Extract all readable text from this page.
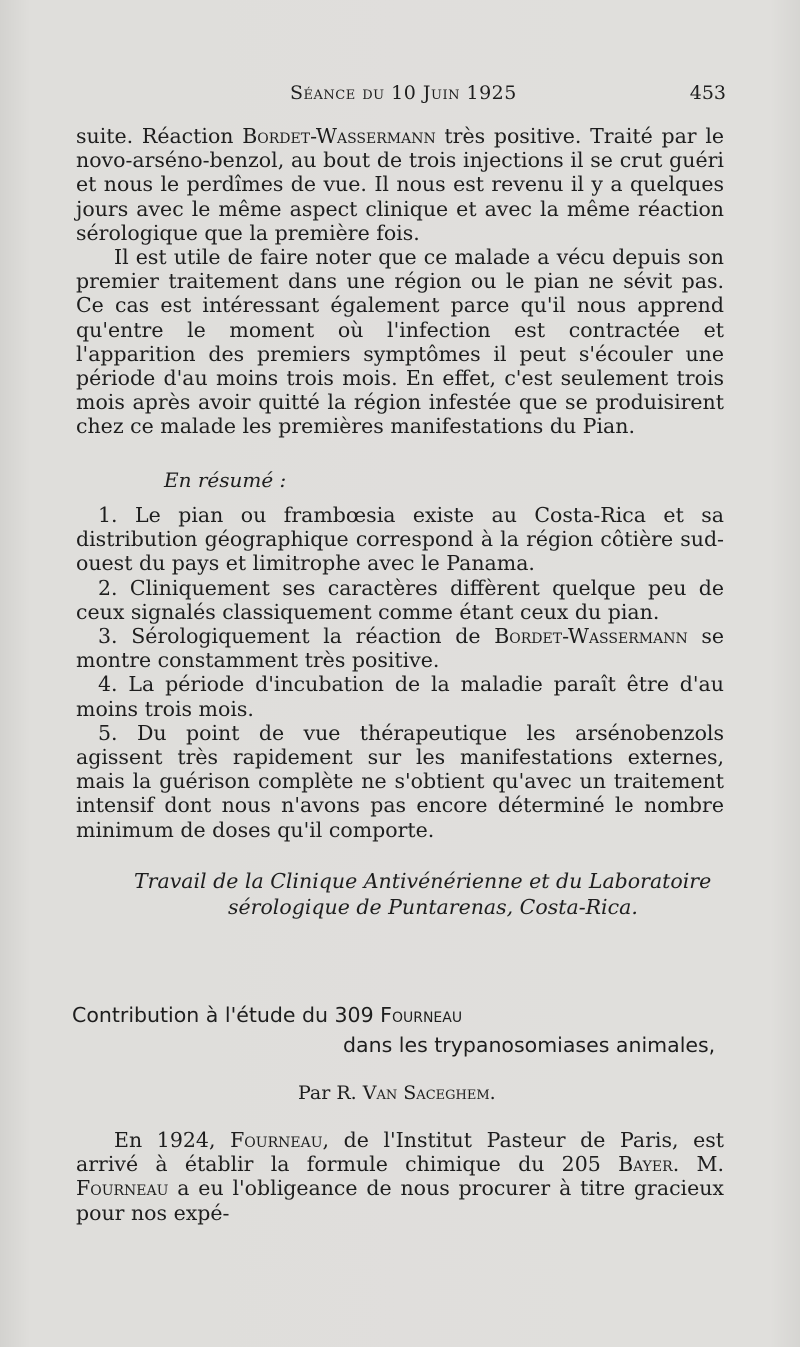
Séance du 10 Juin 1925	453

suite. Réaction Bordet-Wassermann très positive. Traité par le novo-arséno-benzol, au bout de trois injections il se crut guéri et nous le perdîmes de vue. Il nous est revenu il y a quelques jours avec le même aspect clinique et avec la même réaction sérologique que la première fois.

Il est utile de faire noter que ce malade a vécu depuis son premier traitement dans une région ou le pian ne sévit pas. Ce cas est intéressant également parce qu'il nous apprend qu'entre le moment où l'infection est contractée et l'apparition des premiers symptômes il peut s'écouler une période d'au moins trois mois. En effet, c'est seulement trois mois après avoir quitté la région infestée que se produisirent chez ce malade les premières manifestations du Pian.

En résumé :

1. Le pian ou frambœsia existe au Costa-Rica et sa distribution géographique correspond à la région côtière sud-ouest du pays et limitrophe avec le Panama.

2. Cliniquement ses caractères diffèrent quelque peu de ceux signalés classiquement comme étant ceux du pian.

3. Sérologiquement la réaction de Bordet-Wassermann se montre constamment très positive.

4. La période d'incubation de la maladie paraît être d'au moins trois mois.

5. Du point de vue thérapeutique les arsénobenzols agissent très rapidement sur les manifestations externes, mais la guérison complète ne s'obtient qu'avec un traitement intensif dont nous n'avons pas encore déterminé le nombre minimum de doses qu'il comporte.

Travail de la Clinique Antivénérienne et du Laboratoire
sérologique de Puntarenas, Costa-Rica.
Contribution à l'étude du 309 Fourneau
dans les trypanosomiases animales,
Par R. Van Saceghem.

En 1924, Fourneau, de l'Institut Pasteur de Paris, est arrivé à établir la formule chimique du 205 Bayer. M. Fourneau a eu l'obligeance de nous procurer à titre gracieux pour nos expé-
